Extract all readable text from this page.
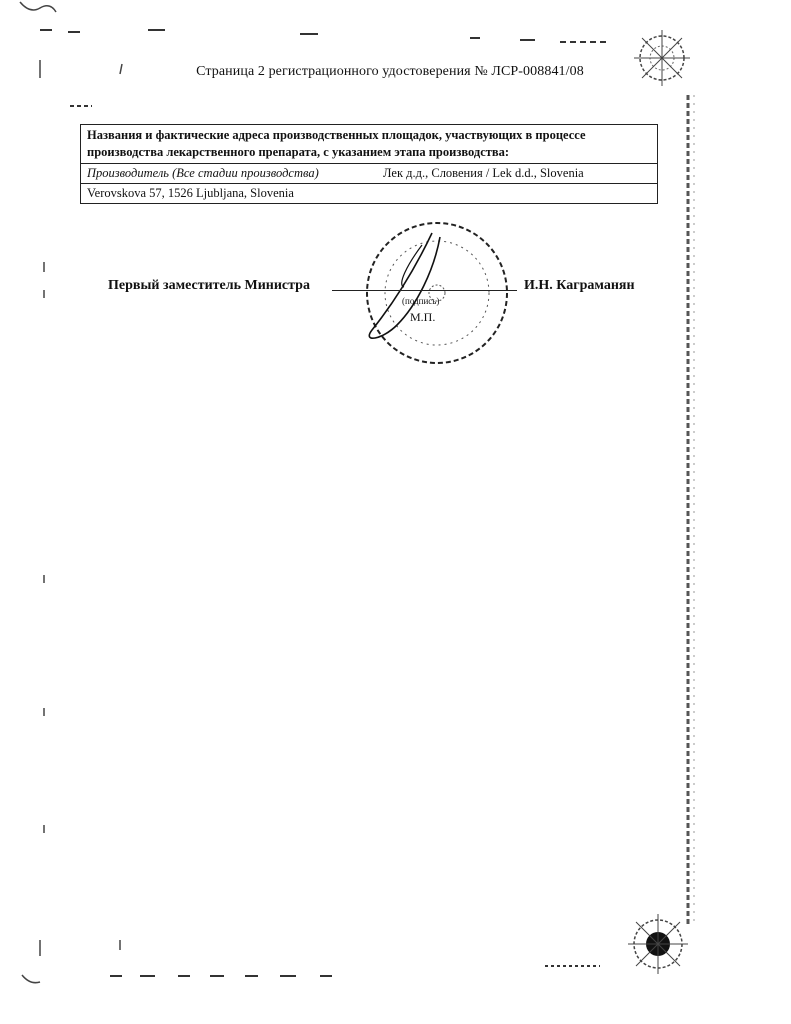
Страница 2 регистрационного удостоверения № ЛСР-008841/08
Названия и фактические адреса производственных площадок, участвующих в процессе производства лекарственного препарата, с указанием этапа производства:
Производитель (Все стадии производства)	Лек д.д., Словения / Lek d.d., Slovenia
Verovskova 57, 1526 Ljubljana, Slovenia
Первый заместитель Министра
(подпись)
М.П.
И.Н. Каграманян
